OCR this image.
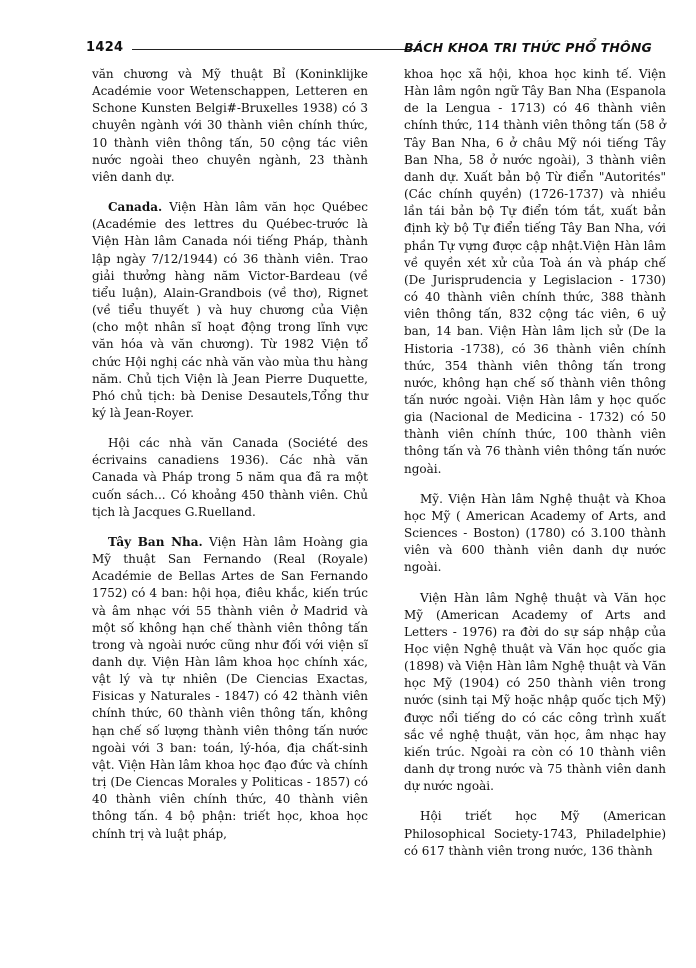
1424	BÁCH KHOA TRI THỨC PHỔ THÔNG

văn chương và Mỹ thuật Bỉ (Koninklijke Académie voor Wetenschappen, Letteren en Schone Kunsten Belgi#-Bruxelles 1938) có 3 chuyên ngành với 30 thành viên chính thức, 10 thành viên thông tấn, 50 cộng tác viên nước ngoài theo chuyên ngành, 23 thành viên danh dự.

Canada. Viện Hàn lâm văn học Québec (Académie des lettres du Québec-trước là Viện Hàn lâm Canada nói tiếng Pháp, thành lập ngày 7/12/1944) có 36 thành viên. Trao giải thưởng hàng năm Victor-Bardeau (về tiểu luận), Alain-Grandbois (về thơ), Rignet (về tiểu thuyết ) và huy chương của Viện (cho một nhân sĩ hoạt động trong lĩnh vực văn hóa và văn chương). Từ 1982 Viện tổ chức Hội nghị các nhà văn vào mùa thu hàng năm. Chủ tịch Viện là Jean Pierre Duquette, Phó chủ tịch: bà Denise Desautels,Tổng thư ký là Jean-Royer.

Hội các nhà văn Canada (Société des écrivains canadiens 1936). Các nhà văn Canada và Pháp trong 5 năm qua đã ra một cuốn sách... Có khoảng 450 thành viên. Chủ tịch là Jacques G.Ruelland.

Tây Ban Nha. Viện Hàn lâm Hoàng gia Mỹ thuật San Fernando (Real (Royale) Académie de Bellas Artes de San Fernando 1752) có 4 ban: hội họa, điêu khắc, kiến trúc và âm nhạc với 55 thành viên ở Madrid và một số không hạn chế thành viên thông tấn trong và ngoài nước cũng như đối với viện sĩ danh dự. Viện Hàn lâm khoa học chính xác, vật lý và tự nhiên (De Ciencias Exactas, Fisicas y Naturales - 1847) có 42 thành viên chính thức, 60 thành viên thông tấn, không hạn chế số lượng thành viên thông tấn nước ngoài với 3 ban: toán, lý-hóa, địa chất-sinh vật. Viện Hàn lâm khoa học đạo đức và chính trị (De Ciencas Morales y Politicas - 1857) có 40 thành viên chính thức, 40 thành viên thông tấn. 4 bộ phận: triết học, khoa học chính trị và luật pháp,

khoa học xã hội, khoa học kinh tế. Viện Hàn lâm ngôn ngữ Tây Ban Nha (Espanola de la Lengua - 1713) có 46 thành viên chính thức, 114 thành viên thông tấn (58 ở Tây Ban Nha, 6 ở châu Mỹ nói tiếng Tây Ban Nha, 58 ở nước ngoài), 3 thành viên danh dự. Xuất bản bộ Từ điển "Autorités" (Các chính quyền) (1726-1737) và nhiều lần tái bản bộ Tự điển tóm tắt, xuất bản định kỳ bộ Tự điển tiếng Tây Ban Nha, với phần Tự vựng được cập nhật.Viện Hàn lâm về quyền xét xử của Toà án và pháp chế (De Jurisprudencia y Legislacion - 1730) có 40 thành viên chính thức, 388 thành viên thông tấn, 832 cộng tác viên, 6 uỷ ban, 14 ban. Viện Hàn lâm lịch sử (De la Historia -1738), có 36 thành viên chính thức, 354 thành viên thông tấn trong nước, không hạn chế số thành viên thông tấn nước ngoài. Viện Hàn lâm y học quốc gia (Nacional de Medicina - 1732) có 50 thành viên chính thức, 100 thành viên thông tấn và 76 thành viên thông tấn nước ngoài.

Mỹ. Viện Hàn lâm Nghệ thuật và Khoa học Mỹ ( American Academy of Arts, and Sciences - Boston) (1780) có 3.100 thành viên và 600 thành viên danh dự nước ngoài.

Viện Hàn lâm Nghệ thuật và Văn học Mỹ (American Academy of Arts and Letters - 1976) ra đời do sự sáp nhập của Học viện Nghệ thuật và Văn học quốc gia (1898) và Viện Hàn lâm Nghệ thuật và Văn học Mỹ (1904) có 250 thành viên trong nước (sinh tại Mỹ hoặc nhập quốc tịch Mỹ) được nổi tiếng do có các công trình xuất sắc về nghệ thuật, văn học, âm nhạc hay kiến trúc. Ngoài ra còn có 10 thành viên danh dự trong nước và 75 thành viên danh dự nước ngoài.

Hội triết học Mỹ (American Philosophical Society-1743, Philadelphie) có 617 thành viên trong nước, 136 thành
